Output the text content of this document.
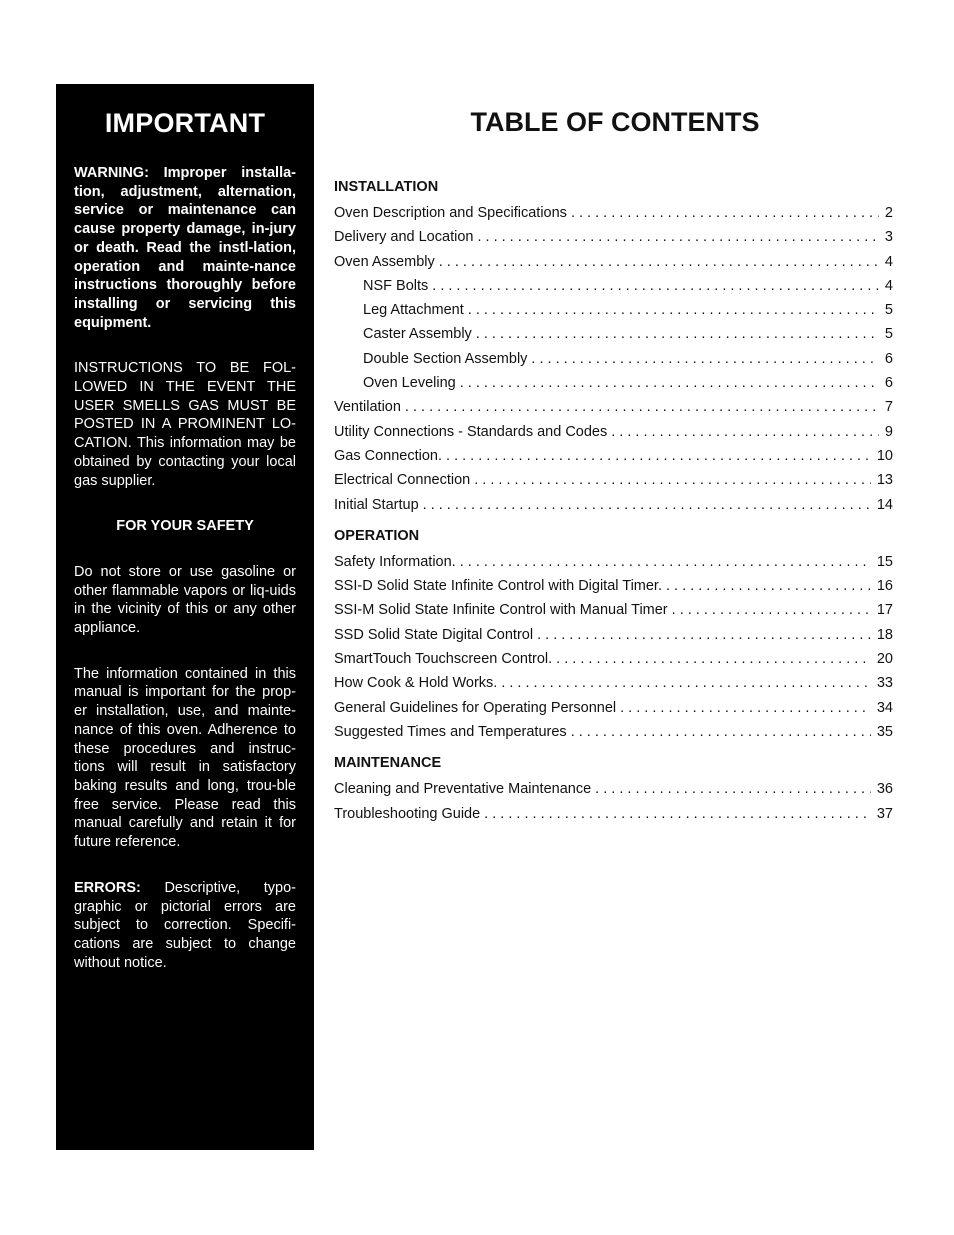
IMPORTANT

WARNING: Improper installa-tion, adjustment, alternation, service or maintenance can cause property damage, in-jury or death. Read the instl-lation, operation and mainte-nance instructions thoroughly before installing or servicing this equipment.

INSTRUCTIONS TO BE FOL-LOWED IN THE EVENT THE USER SMELLS GAS MUST BE POSTED IN A PROMINENT LO-CATION. This information may be obtained by contacting your local gas supplier.

FOR YOUR SAFETY

Do not store or use gasoline or other flammable vapors or liq-uids in the vicinity of this or any other appliance.

The information contained in this manual is important for the prop-er installation, use, and mainte-nance of this oven. Adherence to these procedures and instruc-tions will result in satisfactory baking results and long, trou-ble free service. Please read this manual carefully and retain it for future reference.

ERRORS: Descriptive, typo-graphic or pictorial errors are subject to correction. Specifi-cations are subject to change without notice.

TABLE OF CONTENTS
INSTALLATION
Oven Description and Specifications . . .	2
Delivery and Location . . .	3
Oven Assembly . . .	4
NSF Bolts . . .	4
Leg Attachment . . .	5
Caster Assembly . . .	5
Double Section Assembly . . .	6
Oven Leveling . . .	6
Ventilation . . .	7
Utility Connections - Standards and Codes . . .	9
Gas Connection. . . .	10
Electrical Connection . . .	13
Initial Startup . . .	14
OPERATION
Safety Information. . . .	15
SSI-D Solid State Infinite Control with Digital Timer. . . .	16
SSI-M Solid State Infinite Control with Manual Timer . . .	17
SSD Solid State Digital Control . . .	18
SmartTouch Touchscreen Control. . . .	20
How Cook & Hold Works. . . .	33
General Guidelines for Operating Personnel . . .	34
Suggested Times and Temperatures . . .	35
MAINTENANCE
Cleaning and Preventative Maintenance . . .	36
Troubleshooting Guide . . .	37
